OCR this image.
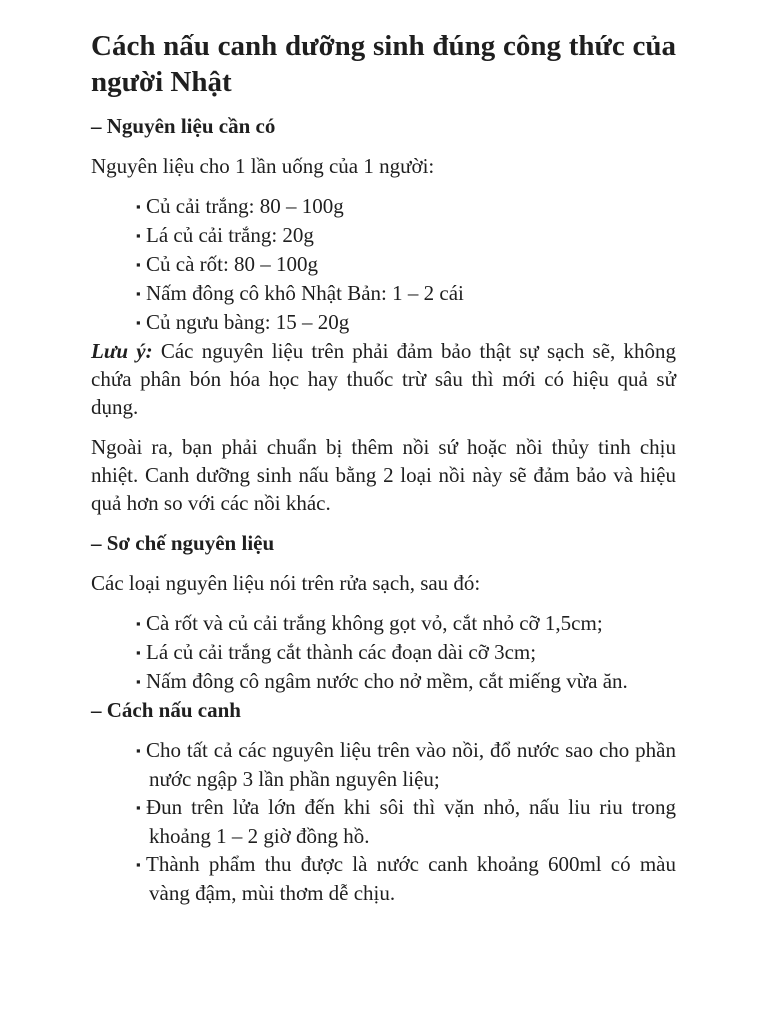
Cách nấu canh dưỡng sinh đúng công thức của người Nhật
– Nguyên liệu cần có

Nguyên liệu cho 1 lần uống của 1 người:

▪ Củ cải trắng: 80 – 100g
▪ Lá củ cải trắng: 20g
▪ Củ cà rốt: 80 – 100g
▪ Nấm đông cô khô Nhật Bản: 1 – 2 cái
▪ Củ ngưu bàng: 15 – 20g

Lưu ý: Các nguyên liệu trên phải đảm bảo thật sự sạch sẽ, không chứa phân bón hóa học hay thuốc trừ sâu thì mới có hiệu quả sử dụng.

Ngoài ra, bạn phải chuẩn bị thêm nồi sứ hoặc nồi thủy tinh chịu nhiệt. Canh dưỡng sinh nấu bằng 2 loại nồi này sẽ đảm bảo và hiệu quả hơn so với các nồi khác.

– Sơ chế nguyên liệu

Các loại nguyên liệu nói trên rửa sạch, sau đó:

▪ Cà rốt và củ cải trắng không gọt vỏ, cắt nhỏ cỡ 1,5cm;
▪ Lá củ cải trắng cắt thành các đoạn dài cỡ 3cm;
▪ Nấm đông cô ngâm nước cho nở mềm, cắt miếng vừa ăn.
– Cách nấu canh
▪ Cho tất cả các nguyên liệu trên vào nồi, đổ nước sao cho phần nước ngập 3 lần phần nguyên liệu;
▪ Đun trên lửa lớn đến khi sôi thì vặn nhỏ, nấu liu riu trong khoảng 1 – 2 giờ đồng hồ.
▪ Thành phẩm thu được là nước canh khoảng 600ml có màu vàng đậm, mùi thơm dễ chịu.
